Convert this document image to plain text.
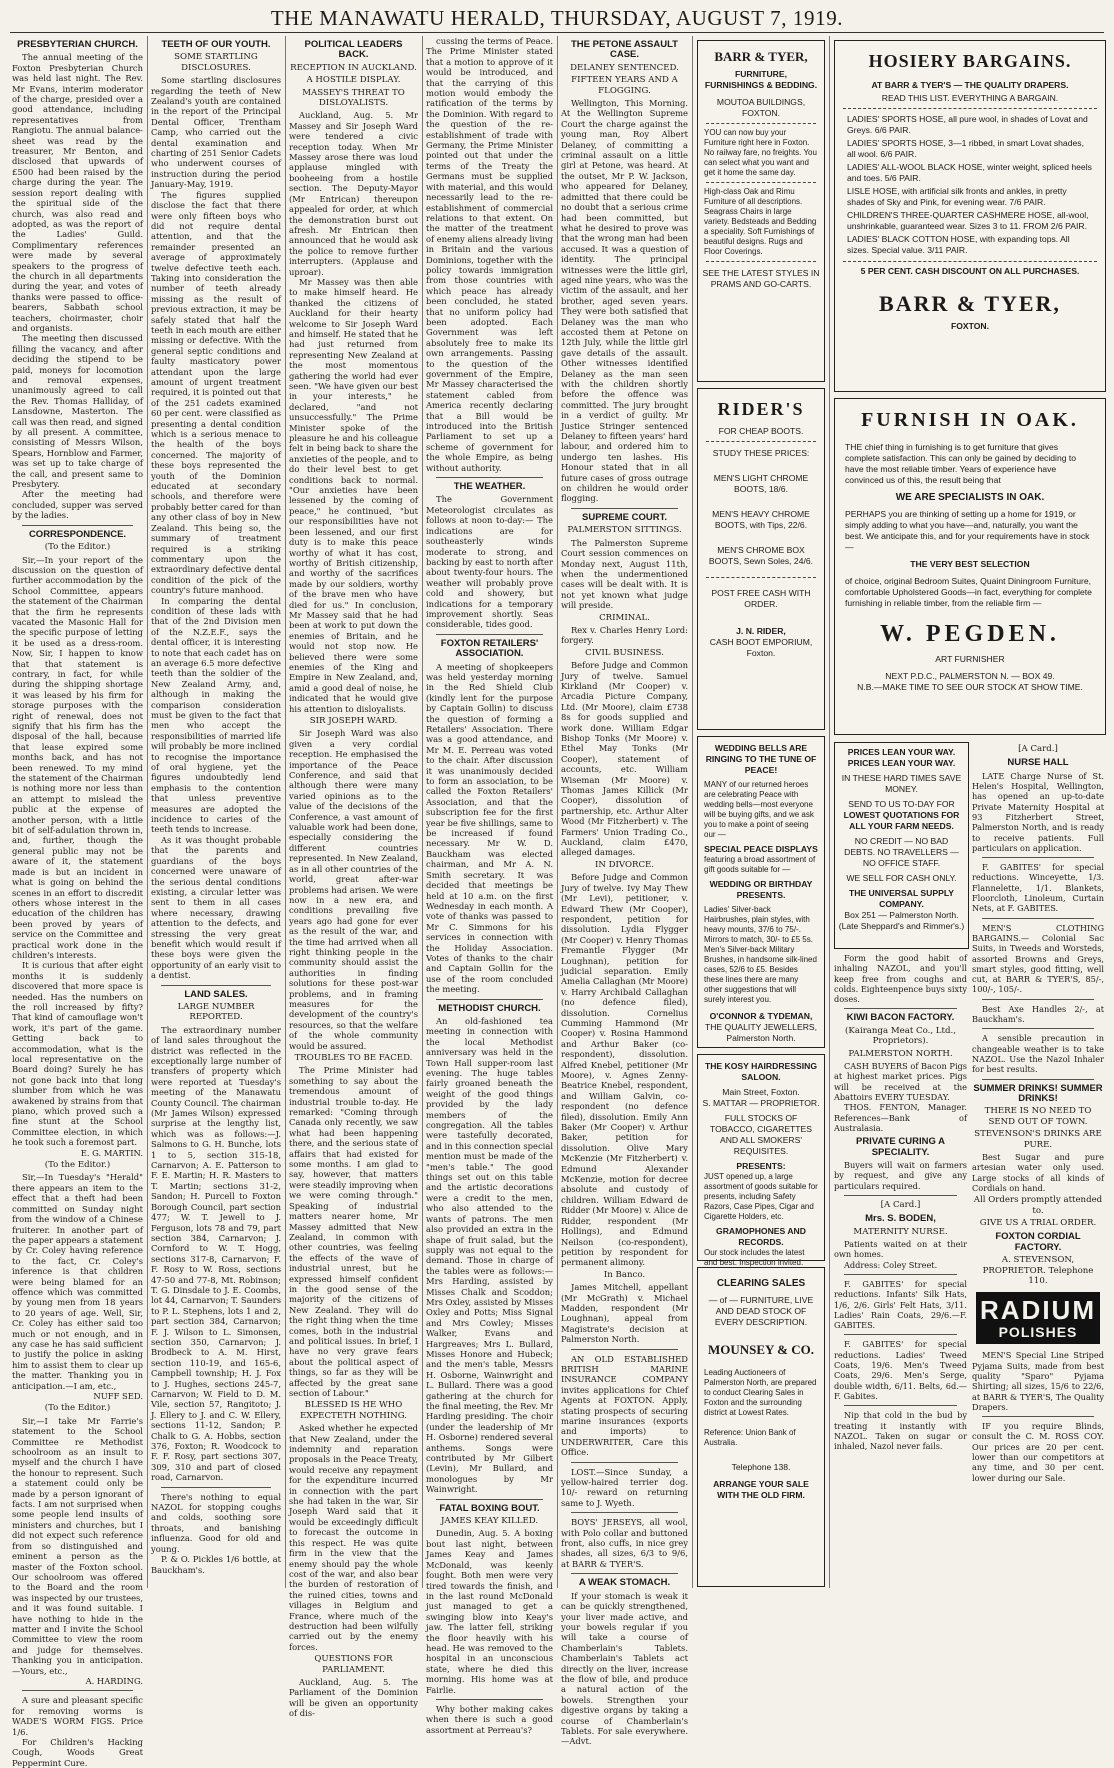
THE MANAWATU HERALD, THURSDAY, AUGUST 7, 1919.
PRESBYTERIAN CHURCH.

The annual meeting of the Foxton Presbyterian Church was held last night. The Rev. Mr Evans, interim moderator of the charge, presided over a good attendance, including representatives from Rangiotu. The annual balance-sheet was read by the treasurer, Mr Benton, and disclosed that upwards of £500 had been raised by the charge during the year. The session report dealing with the spiritual side of the church, was also read and adopted, as was the report of the Ladies' Guild. Complimentary references were made by several speakers to the progress of the church in all departments during the year, and votes of thanks were passed to office-bearers, Sabbath school teachers, choirmaster, choir and organists.

The meeting then discussed filling the vacancy, and after deciding the stipend to be paid, moneys for locomotion and removal expenses, unanimously agreed to call the Rev. Thomas Halliday, of Lansdowne, Masterton. The call was then read, and signed by all present. A committee, consisting of Messrs Wilson, Spears, Hornblow and Farmer, was set up to take charge of the call, and present same to Presbytery.

After the meeting had concluded, supper was served by the ladies.

CORRESPONDENCE.
(To the Editor.)

Sir,—In your report of the discussion on the question of further accommodation by the School Committee, appears the statement of the Chairman that the firm he represents vacated the Masonic Hall for the specific purpose of letting it be used as a dress-room. Now, Sir, I happen to know that that statement is contrary, in fact, for while during the shipping shortage it was leased by his firm for storage purposes with the right of renewal, does not signify that his firm has the disposal of the hall, because that lease expired some months back, and has not been renewed. To my mind the statement of the Chairman is nothing more nor less than an attempt to mislead the public at the expense of another person, with a little bit of self-adulation thrown in, and, further, though the general public may not be aware of it, the statement made is but an incident in what is going on behind the scenes in an effort to discredit others whose interest in the education of the children has been proved by years of service on the Committee and practical work done in the children's interests.

It is curious that after eight months it is suddenly discovered that more space is needed. Has the numbers on the roll increased by fifty? That kind of camouflage won't work, it's part of the game. Getting back to accommodation, what is the local representative on the Board doing? Surely he has not gone back into that long slumber from which he was awakened by strains from that piano, which proved such a fine stunt at the School Committee election, in which he took such a foremost part.

E. G. MARTIN.
(To the Editor.)

Sir,—In Tuesday's "Herald" there appears an item to the effect that a theft had been committed on Sunday night from the window of a Chinese fruiterer. In another part of the paper appears a statement by Cr. Coley having reference to the fact, Cr. Coley's inference is that children were being blamed for an offence which was committed by young men from 18 years to 20 years of age. Well, Sir, Cr. Coley has either said too much or not enough, and in any case he has said sufficient to justify the police in asking him to assist them to clear up the matter. Thanking you in anticipation.—I am, etc.,

NUFF SED.
(To the Editor.)

Sir,—I take Mr Farrie's statement to the School Committee re Methodist schoolroom as an insult to myself and the church I have the honour to represent. Such a statement could only be made by a person ignorant of facts. I am not surprised when some people lend insults of ministers and churches, but I did not expect such reference from so distinguished and eminent a person as the master of the Foxton school. Our schoolroom was offered to the Board and the room was inspected by our trustees, and it was found suitable. I have nothing to hide in the matter and I invite the School Committee to view the room and judge for themselves. Thanking you in anticipation.—Yours, etc.,

A. HARDING.

A sure and pleasant specific for removing worms is WADE'S WORM FIGS. Price 1/6.

For Children's Hacking Cough, Woods Great Peppermint Cure.

TEETH OF OUR YOUTH.
SOME STARTLING DISCLOSURES.

Some startling disclosures regarding the teeth of New Zealand's youth are contained in the report of the Principal Dental Officer, Trentham Camp, who carried out the dental examination and charting of 251 Senior Cadets who underwent courses of instruction during the period January-May, 1919.

The figures supplied disclose the fact that there were only fifteen boys who did not require dental attention, and that the remainder presented an average of approximately twelve defective teeth each. Taking into consideration the number of teeth already missing as the result of previous extraction, it may be safely stated that half the teeth in each mouth are either missing or defective. With the general septic conditions and faulty masticatory power attendant upon the large amount of urgent treatment required, it is pointed out that of the 251 cadets examined 60 per cent. were classified as presenting a dental condition which is a serious menace to the health of the boys concerned. The majority of these boys represented the youth of the Dominion educated at secondary schools, and therefore were probably better cared for than any other class of boy in New Zealand. This being so, the summary of treatment required is a striking commentary upon the extraordinary defective dental condition of the pick of the country's future manhood.

In comparing the dental condition of these lads with that of the 2nd Division men of the N.Z.E.F., says the dental officer, it is interesting to note that each cadet has on an average 6.5 more defective teeth than the soldier of the New Zealand Army, and, although in making the comparison consideration must be given to the fact that men who accept the responsibilities of married life will probably be more inclined to recognise the importance of oral hygiene, yet the figures undoubtedly lend emphasis to the contention that unless preventive measures are adopted the incidence to caries of the teeth tends to increase.

As it was thought probable that the parents and guardians of the boys concerned were unaware of the serious dental conditions existing, a circular letter was sent to them in all cases where necessary, drawing attention to the defects, and stressing the very great benefit which would result if these boys were given the opportunity of an early visit to a dentist.

LAND SALES.
LARGE NUMBER REPORTED.

The extraordinary number of land sales throughout the district was reflected in the exceptionally large number of transfers of property which were reported at Tuesday's meeting of the Manawatu County Council. The chairman (Mr James Wilson) expressed surprise at the lengthy list, which was as follows:—J. Salmons to G. H. Bunche, lots 1 to 5, section 315-18, Carnarvon; A. E. Patterson to F. E. Martin; H. R. Masters to T. Martin; sections 31-2, Sandon; H. Purcell to Foxton Borough Council, part section 477; W. T. Jewell to J. Ferguson, lots 78 and 79, part section 384, Carnarvon; J. Cornford to W. T. Hogg, sections 317-8, Carnarvon; F. F. Rosy to W. Ross, sections 47-50 and 77-8, Mt. Robinson; T. G. Dinsdale to J. E. Coombs, lot 44, Carnarvon; T. Saunders to P. L. Stephens, lots 1 and 2, part section 384, Carnarvon; F. J. Wilson to L. Simonsen, section 350, Carnarvon; J. Brodbeck to A. M. Hirst, section 110-19, and 165-6, Campbell township; H. J. Fox to J. Hughes, sections 245-7, Carnarvon; W. Field to D. M. Vile, section 57, Rangitoto; J. J. Ellery to J. and C. W. Ellery, sections 11-12, Sandon; P. Chalk to G. A. Hobbs, section 376, Foxton; R. Woodcock to F. F. Rosy, part sections 307, 309, 310 and part of closed road, Carnarvon.

There's nothing to equal NAZOL for stopping coughs and colds, soothing sore throats, and banishing influenza. Good for old and young.

P. & O. Pickles 1/6 bottle, at Bauckham's.

POLITICAL LEADERS BACK.
RECEPTION IN AUCKLAND.
A HOSTILE DISPLAY.
MASSEY'S THREAT TO DISLOYALISTS.

Auckland, Aug. 5. Mr Massey and Sir Joseph Ward were tendered a civic reception today. When Mr Massey arose there was loud applause mingled with booheeing from a hostile section. The Deputy-Mayor (Mr Entrican) thereupon appealed for order, at which the demonstration burst out afresh. Mr Entrican then announced that he would ask the police to remove further interrupters. (Applause and uproar).

Mr Massey was then able to make himself heard. He thanked the citizens of Auckland for their hearty welcome to Sir Joseph Ward and himself. He stated that he had just returned from representing New Zealand at the most momentous gathering the world had ever seen. "We have given our best in your interests," he declared, "and not unsuccessfully." The Prime Minister spoke of the pleasure he and his colleague felt in being back to share the anxieties of the people, and to do their level best to get conditions back to normal. "Our anxieties have been lessened by the coming of peace," he continued, "but our responsibilities have not been lessened, and our first duty is to make this peace worthy of what it has cost, worthy of British citizenship, and worthy of the sacrifices made by our soldiers, worthy of the brave men who have died for us." In conclusion, Mr Massey said that he had been at work to put down the enemies of Britain, and he would not stop now. He believed there were some enemies of the King and Empire in New Zealand, and, amid a good deal of noise, he indicated that he would give his attention to disloyalists.

SIR JOSEPH WARD.

Sir Joseph Ward was also given a very cordial reception. He emphasised the importance of the Peace Conference, and said that although there were many varied opinions as to the value of the decisions of the Conference, a vast amount of valuable work had been done, especially considering the different countries represented. In New Zealand, as in all other countries of the world, great after-war problems had arisen. We were now in a new era, and conditions prevailing five years ago had gone for ever as the result of the war, and the time had arrived when all right thinking people in the community should assist the authorities in finding solutions for these post-war problems, and in framing measures for the development of the country's resources, so that the welfare of the whole community would be assured.

TROUBLES TO BE FACED.

The Prime Minister had something to say about the tremendous amount of industrial trouble to-day. He remarked: "Coming through Canada only recently, we saw what had been happening there, and the serious state of affairs that had existed for some months. I am glad to say, however, that matters were steadily improving when we were coming through." Speaking of industrial matters nearer home, Mr Massey admitted that New Zealand, in common with other countries, was feeling the effects of the wave of industrial unrest, but he expressed himself confident in the good sense of the majority of the citizens of New Zealand. They will do the right thing when the time comes, both in the industrial and political issues. In brief, I have no very grave fears about the political aspect of things, so far as they will be affected by the great sane section of Labour."

BLESSED IS HE WHO EXPECTETH NOTHING.

Asked whether he expected that New Zealand, under the indemnity and reparation proposals in the Peace Treaty, would receive any repayment for the expenditure incurred in connection with the part she had taken in the war, Sir Joseph Ward said that it would be exceedingly difficult to forecast the outcome in this respect. He was quite firm in the view that the enemy should pay the whole cost of the war, and also bear the burden of restoration of the ruined cities, towns and villages in Belgium and France, where much of the destruction had been wilfully carried out by the enemy forces.

QUESTIONS FOR PARLIAMENT.

Auckland, Aug. 5. The Parliament of the Dominion will be given an opportunity of dis-

cussing the terms of Peace. The Prime Minister stated that a motion to approve of it would be introduced, and that the carrying of this motion would embody the ratification of the terms by the Dominion. With regard to the question of the re-establishment of trade with Germany, the Prime Minister pointed out that under the terms of the Treaty the Germans must be supplied with material, and this would necessarily lead to the re-establishment of commercial relations to that extent. On the matter of the treatment of enemy aliens already living in Britain and the various Dominions, together with the policy towards immigration from those countries with which peace has already been concluded, he stated that no uniform policy had been adopted. Each Government was left absolutely free to make its own arrangements. Passing to the question of the government of the Empire, Mr Massey characterised the statement cabled from America recently declaring that a Bill would be introduced into the British Parliament to set up a scheme of government for the whole Empire, as being without authority.

THE WEATHER.

The Government Meteorologist circulates as follows at noon to-day:— The indications are for southeasterly winds moderate to strong, and backing by east to north after about twenty-four hours. The weather will probably prove cold and showery, but indications for a temporary improvement shortly. Seas considerable, tides good.

FOXTON RETAILERS' ASSOCIATION.

A meeting of shopkeepers was held yesterday morning in the Red Shield Club (kindly lent for the purpose by Captain Gollin) to discuss the question of forming a Retailers' Association. There was a good attendance, and Mr M. E. Perreau was voted to the chair. After discussion it was unanimously decided to form an association, to be called the Foxton Retailers' Association, and that the subscription fee for the first year be five shillings, same to be increased if found necessary. Mr W. D. Bauckham was elected chairman, and Mr A. N. Smith secretary. It was decided that meetings be held at 10 a.m. on the first Wednesday in each month. A vote of thanks was passed to Mr C. Simmons for his services in connection with the Holiday Association. Votes of thanks to the chair and Captain Gollin for the use of the room concluded the meeting.

METHODIST CHURCH.

An old-fashioned tea meeting in connection with the local Methodist anniversary was held in the Town Hall supper-room last evening. The huge tables fairly groaned beneath the weight of the good things provided by the lady members of the congregation. All the tables were tastefully decorated, and in this connection special mention must be made of the "men's table." The good things set out on this table and the artistic decorations were a credit to the men, who also attended to the wants of patrons. The men also provided an extra in the shape of fruit salad, but the supply was not equal to the demand. Those in charge of the tables were as follows:—Mrs Harding, assisted by Misses Chalk and Scoddon; Mrs Oxley, assisted by Misses Oxley and Potts; Miss Signal and Mrs Cowley; Misses Walker, Evans and Hargreaves; Mrs L. Bullard, Misses Honore and Hubeck; and the men's table, Messrs H. Osborne, Wainwright and L. Bullard. There was a good gathering at the church for the final meeting, the Rev. Mr Harding presiding. The choir (under the leadership of Mr H. Osborne) rendered several anthems. Songs were contributed by Mr Gilbert (Levin), Mr Bullard, and monologues by Mr Wainwright.

FATAL BOXING BOUT.
JAMES KEAY KILLED.

Dunedin, Aug. 5. A boxing bout last night, between James Keay and James McDonald, was keenly fought. Both men were very tired towards the finish, and in the last round McDonald just managed to get a swinging blow into Keay's jaw. The latter fell, striking the floor heavily with his head. He was removed to the hospital in an unconscious state, where he died this morning. His home was at Fairlie.

Why bother making cakes when there is such a good assortment at Perreau's?

THE PETONE ASSAULT CASE.
DELANEY SENTENCED.
FIFTEEN YEARS AND A FLOGGING.

Wellington, This Morning. At the Wellington Supreme Court the charge against the young man, Roy Albert Delaney, of committing a criminal assault on a little girl at Petone, was heard. At the outset, Mr P. W. Jackson, who appeared for Delaney, admitted that there could be no doubt that a serious crime had been committed, but what he desired to prove was that the wrong man had been accused. It was a question of identity. The principal witnesses were the little girl, aged nine years, who was the victim of the assault, and her brother, aged seven years. They were both satisfied that Delaney was the man who accosted them at Petone on 12th July, while the little girl gave details of the assault. Other witnesses identified Delaney as the man seen with the children shortly before the offence was committed. The jury brought in a verdict of guilty. Mr Justice Stringer sentenced Delaney to fifteen years' hard labour, and ordered him to undergo ten lashes. His Honour stated that in all future cases of gross outrage on children he would order flogging.

SUPREME COURT.
PALMERSTON SITTINGS.

The Palmerston Supreme Court session commences on Monday next, August 11th, when the undermentioned cases will be dealt with. It is not yet known what judge will preside.

CRIMINAL.

Rex v. Charles Henry Lord: forgery.

CIVIL BUSINESS.

Before Judge and Common Jury of twelve. Samuel Kirkland (Mr Cooper) v. Arcadia Picture Company, Ltd. (Mr Moore), claim £738 8s for goods supplied and work done. William Edgar Bishop Tonks (Mr Moore) v. Ethel May Tonks (Mr Cooper), statement of accounts, etc. William Wiseman (Mr Moore) v. Thomas James Killick (Mr Cooper), dissolution of partnership, etc. Arthur Alter Wood (Mr Fitzherbert) v. The Farmers' Union Trading Co., Auckland, claim £470, alleged damages.

IN DIVORCE.

Before Judge and Common Jury of twelve. Ivy May Thew (Mr Levi), petitioner, v. Edward Thew (Mr Cooper), respondent, petition for dissolution. Lydia Flygger (Mr Cooper) v. Henry Thomas Fremantle Flygger (Mr Loughnan), petition for judicial separation. Emily Amelia Callaghan (Mr Moore) v. Harry Archibald Callaghan (no defence filed), dissolution. Cornelius Cumming Hammond (Mr Cooper) v. Rosina Hammond and Arthur Baker (co-respondent), dissolution. Alfred Knebel, petitioner (Mr Moore), v. Agnes Zenny-Beatrice Knebel, respondent, and William Galvin, co-respondent (no defence filed), dissolution. Emily Ann Baker (Mr Cooper) v. Arthur Baker, petition for dissolution. Olive Mary McKenzie (Mr Fitzherbert) v. Edmund Alexander McKenzie, motion for decree absolute and custody of children. William Edward de Ridder (Mr Moore) v. Alice de Ridder, respondent (Mr Hollings), and Edmund Neilson (co-respondent), petition by respondent for permanent alimony.

In Banco.

James Mitchell, appellant (Mr McGrath) v. Michael Madden, respondent (Mr Loughnan), appeal from Magistrate's decision at Palmerston North.

AN OLD ESTABLISHED BRITISH MARINE INSURANCE COMPANY invites applications for Chief Agents at FOXTON. Apply, stating prospects of securing marine insurances (exports and imports) to UNDERWRITER, Care this Office.

LOST.—Since Sunday, a yellow-haired terrier dog. 10/- reward on returning same to J. Wyeth.

BOYS' JERSEYS, all wool, with Polo collar and buttoned front, also cuffs, in nice grey shades, all sizes, 6/3 to 9/6, at BARR & TYER'S.

A WEAK STOMACH.

If your stomach is weak it can be quickly strengthened, your liver made active, and your bowels regular if you will take a course of Chamberlain's Tablets. Chamberlain's Tablets act directly on the liver, increase the flow of bile, and produce a natural action of the bowels. Strengthen your digestive organs by taking a course of Chamberlain's Tablets. For sale everywhere.—Advt.

BARR & TYER,
FURNITURE,
FURNISHINGS & BEDDING.
MOUTOA BUILDINGS,
FOXTON.
YOU can now buy your Furniture right here in Foxton. No railway fare, no freights. You can select what you want and get it home the same day.
High-class Oak and Rimu Furniture of all descriptions. Seagrass Chairs in large variety. Bedsteads and Bedding a speciality. Soft Furnishings of beautiful designs. Rugs and Floor Coverings.
SEE THE LATEST STYLES IN PRAMS AND GO-CARTS.
RIDER'S
FOR CHEAP BOOTS.
STUDY THESE PRICES:
MEN'S LIGHT CHROME BOOTS, 18/6.
MEN'S HEAVY CHROME BOOTS, with Tips, 22/6.
MEN'S CHROME BOX BOOTS, Sewn Soles, 24/6.
POST FREE CASH WITH ORDER.
J. N. RIDER,
CASH BOOT EMPORIUM,
Foxton.
WEDDING BELLS ARE RINGING TO THE TUNE OF PEACE!
MANY of our returned heroes are celebrating Peace with wedding bells—most everyone will be buying gifts, and we ask you to make a point of seeing our —
SPECIAL PEACE DISPLAYS
featuring a broad assortment of gift goods suitable for —
WEDDING OR BIRTHDAY PRESENTS.
Ladies' Silver-back Hairbrushes, plain styles, with heavy mounts, 37/6 to 75/-. Mirrors to match, 30/- to £5 5s. Men's Silver-back Military Brushes, in handsome silk-lined cases, 52/6 to £5. Besides these lines there are many other suggestions that will surely interest you.
O'CONNOR & TYDEMAN,
THE QUALITY JEWELLERS,
Palmerston North.
THE KOSY HAIRDRESSING SALOON.
Main Street, Foxton.
S. MATTAR — PROPRIETOR.
FULL STOCKS OF TOBACCO, CIGARETTES AND ALL SMOKERS' REQUISITES.
PRESENTS:
JUST opened up, a large assortment of goods suitable for presents, including Safety Razors, Case Pipes, Cigar and Cigarette Holders, etc.
GRAMOPHONES AND RECORDS.
Our stock includes the latest and best. Inspection invited.
CLEARING SALES
— of — FURNITURE, LIVE AND DEAD STOCK OF EVERY DESCRIPTION.
MOUNSEY & CO.
Leading Auctioneers of Palmerston North, are prepared to conduct Clearing Sales in Foxton and the surrounding district at Lowest Rates.
Reference: Union Bank of Australia.
Telephone 138.
ARRANGE YOUR SALE WITH THE OLD FIRM.
HOSIERY BARGAINS.
AT BARR & TYER'S — THE QUALITY DRAPERS.
READ THIS LIST. EVERYTHING A BARGAIN.
LADIES' SPORTS HOSE, all pure wool, in shades of Lovat and Greys. 6/6 PAIR.
LADIES' SPORTS HOSE, 3—1 ribbed, in smart Lovat shades, all wool. 6/6 PAIR.
LADIES' ALL-WOOL BLACK HOSE, winter weight, spliced heels and toes. 5/6 PAIR.
LISLE HOSE, with artificial silk fronts and ankles, in pretty shades of Sky and Pink, for evening wear. 7/6 PAIR.
CHILDREN'S THREE-QUARTER CASHMERE HOSE, all-wool, unshrinkable, guaranteed wear. Sizes 3 to 11. FROM 2/6 PAIR.
LADIES' BLACK COTTON HOSE, with expanding tops. All sizes. Special value. 3/11 PAIR.
5 PER CENT. CASH DISCOUNT ON ALL PURCHASES.
BARR & TYER,
FOXTON.
FURNISH IN OAK.
THE chief thing in furnishing is to get furniture that gives complete satisfaction. This can only be gained by deciding to have the most reliable timber. Years of experience have convinced us of this, the result being that
WE ARE SPECIALISTS IN OAK.
PERHAPS you are thinking of setting up a home for 1919, or simply adding to what you have—and, naturally, you want the best. We anticipate this, and for your requirements have in stock —
THE VERY BEST SELECTION
of choice, original Bedroom Suites, Quaint Diningroom Furniture, comfortable Upholstered Goods—in fact, everything for complete furnishing in reliable timber, from the reliable firm —
W. PEGDEN.
ART FURNISHER
NEXT P.D.C., PALMERSTON N. — BOX 49.
N.B.—MAKE TIME TO SEE OUR STOCK AT SHOW TIME.
PRICES LEAN YOUR WAY. PRICES LEAN YOUR WAY.
IN THESE HARD TIMES SAVE MONEY.
SEND TO US TO-DAY FOR
LOWEST QUOTATIONS FOR ALL YOUR FARM NEEDS.
NO CREDIT — NO BAD DEBTS. NO TRAVELLERS — NO OFFICE STAFF.
WE SELL FOR CASH ONLY.
THE UNIVERSAL SUPPLY COMPANY.
Box 251 — Palmerston North.
(Late Sheppard's and Rimmer's.)

Form the good habit of inhaling NAZOL, and you'll keep free from coughs and colds. Eighteenpence buys sixty doses.

KIWI BACON FACTORY.
(Kairanga Meat Co., Ltd., Proprietors).
PALMERSTON NORTH.

CASH BUYERS of Bacon Pigs at highest market prices. Pigs will be received at the Abattoirs EVERY TUESDAY.

THOS. FENTON, Manager. References—Bank of Australasia.

PRIVATE CURING A SPECIALITY.

Buyers will wait on farmers by request, and give any particulars required.

[A Card.]
Mrs. S. BODEN,
MATERNITY NURSE.

Patients waited on at their own homes.

Address: Coley Street.

F. GABITES' for special reductions. Infants' Silk Hats, 1/6, 2/6. Girls' Felt Hats, 3/11. Ladies' Rain Coats, 29/6.—F. GABITES.

F. GABITES' for special reductions. Ladies' Tweed Coats, 19/6. Men's Tweed Coats, 29/6. Men's Serge, double width, 6/11. Belts, 6d.—F. Gabites.

Nip that cold in the bud by treating it instantly with NAZOL. Taken on sugar or inhaled, Nazol never fails.

[A Card.]
NURSE HALL

LATE Charge Nurse of St. Helen's Hospital, Wellington, has opened an up-to-date Private Maternity Hospital at 93 Fitzherbert Street, Palmerston North, and is ready to receive patients. Full particulars on application.

F. GABITES' for special reductions. Winceyette, 1/3. Flannelette, 1/1. Blankets, Floorcloth, Linoleum, Curtain Nets, at F. GABITES.

MEN'S CLOTHING BARGAINS.— Colonial Sac Suits, in Tweeds and Worsteds, assorted Browns and Greys, smart styles, good fitting, well cut, at BARR & TYER'S, 85/-, 100/-, 105/-.

Best Axe Handles 2/-, at Bauckham's.

A sensible precaution in changeable weather is to take NAZOL. Use the Nazol Inhaler for best results.

SUMMER DRINKS! SUMMER DRINKS!
THERE IS NO NEED TO SEND OUT OF TOWN.
STEVENSON'S DRINKS ARE PURE.

Best Sugar and pure artesian water only used. Large stocks of all kinds of Cordials on hand.

All Orders promptly attended to.
GIVE US A TRIAL ORDER.
FOXTON CORDIAL FACTORY.
A. STEVENSON, PROPRIETOR. Telephone 110.
RADIUM
POLISHES

MEN'S Special Line Striped Pyjama Suits, made from best quality "Sparo" Pyjama Shirting; all sizes, 15/6 to 22/6, at BARR & TYER'S, The Quality Drapers.

IF you require Blinds, consult the C. M. ROSS COY. Our prices are 20 per cent. lower than our competitors at any time, and 30 per cent. lower during our Sale.
